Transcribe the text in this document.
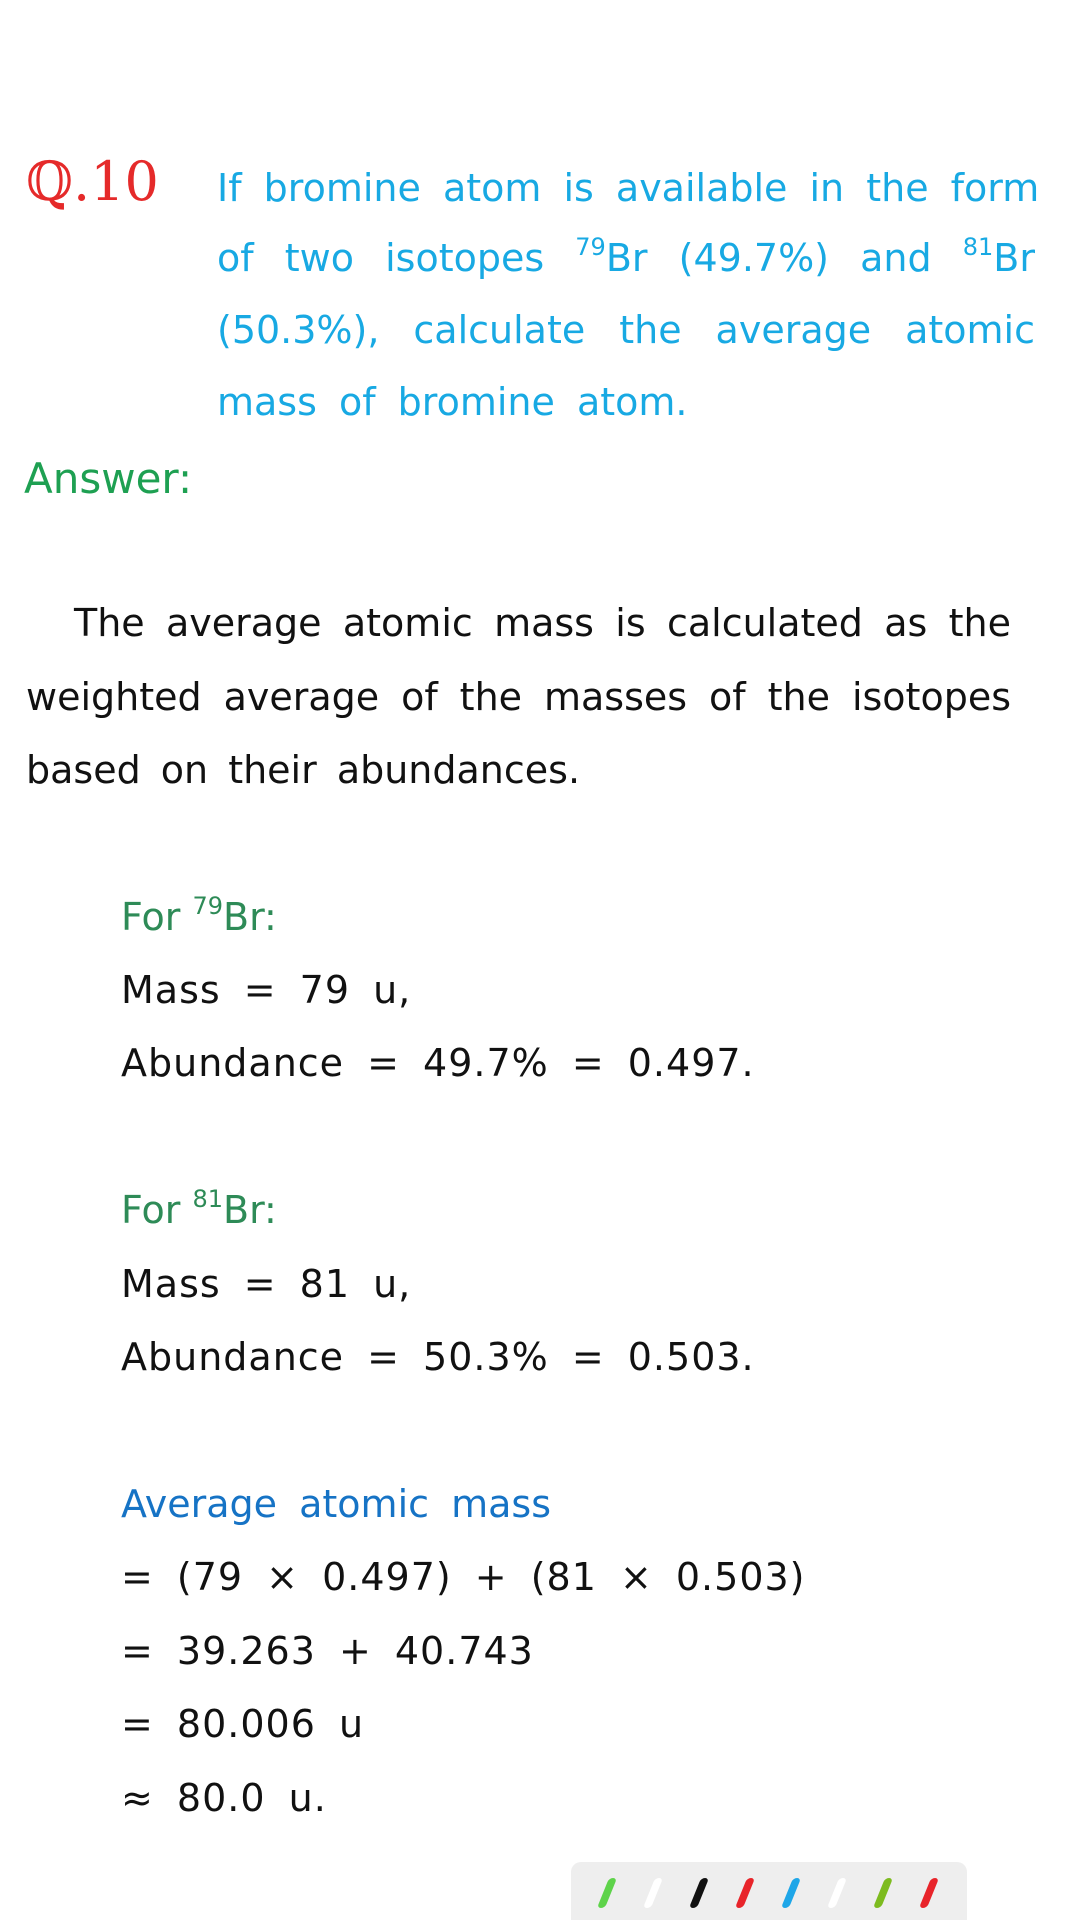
ℚ.10 If bromine atom is available in the form
of two isotopes $^{79}$Br (49.7%) and $^{81}$Br
(50.3%), calculate the average atomic
mass of bromine atom.
Answer:
The average atomic mass is calculated as the
weighted average of the masses of the isotopes
based on their abundances.
For $^{79}$Br:
Mass = 79 u,
Abundance = 49.7% = 0.497.
For $^{81}$Br:
Mass = 81 u,
Abundance = 50.3% = 0.503.
Average atomic mass
= (79 × 0.497) + (81 × 0.503)
= 39.263 + 40.743
= 80.006 u
≈ 80.0 u.
